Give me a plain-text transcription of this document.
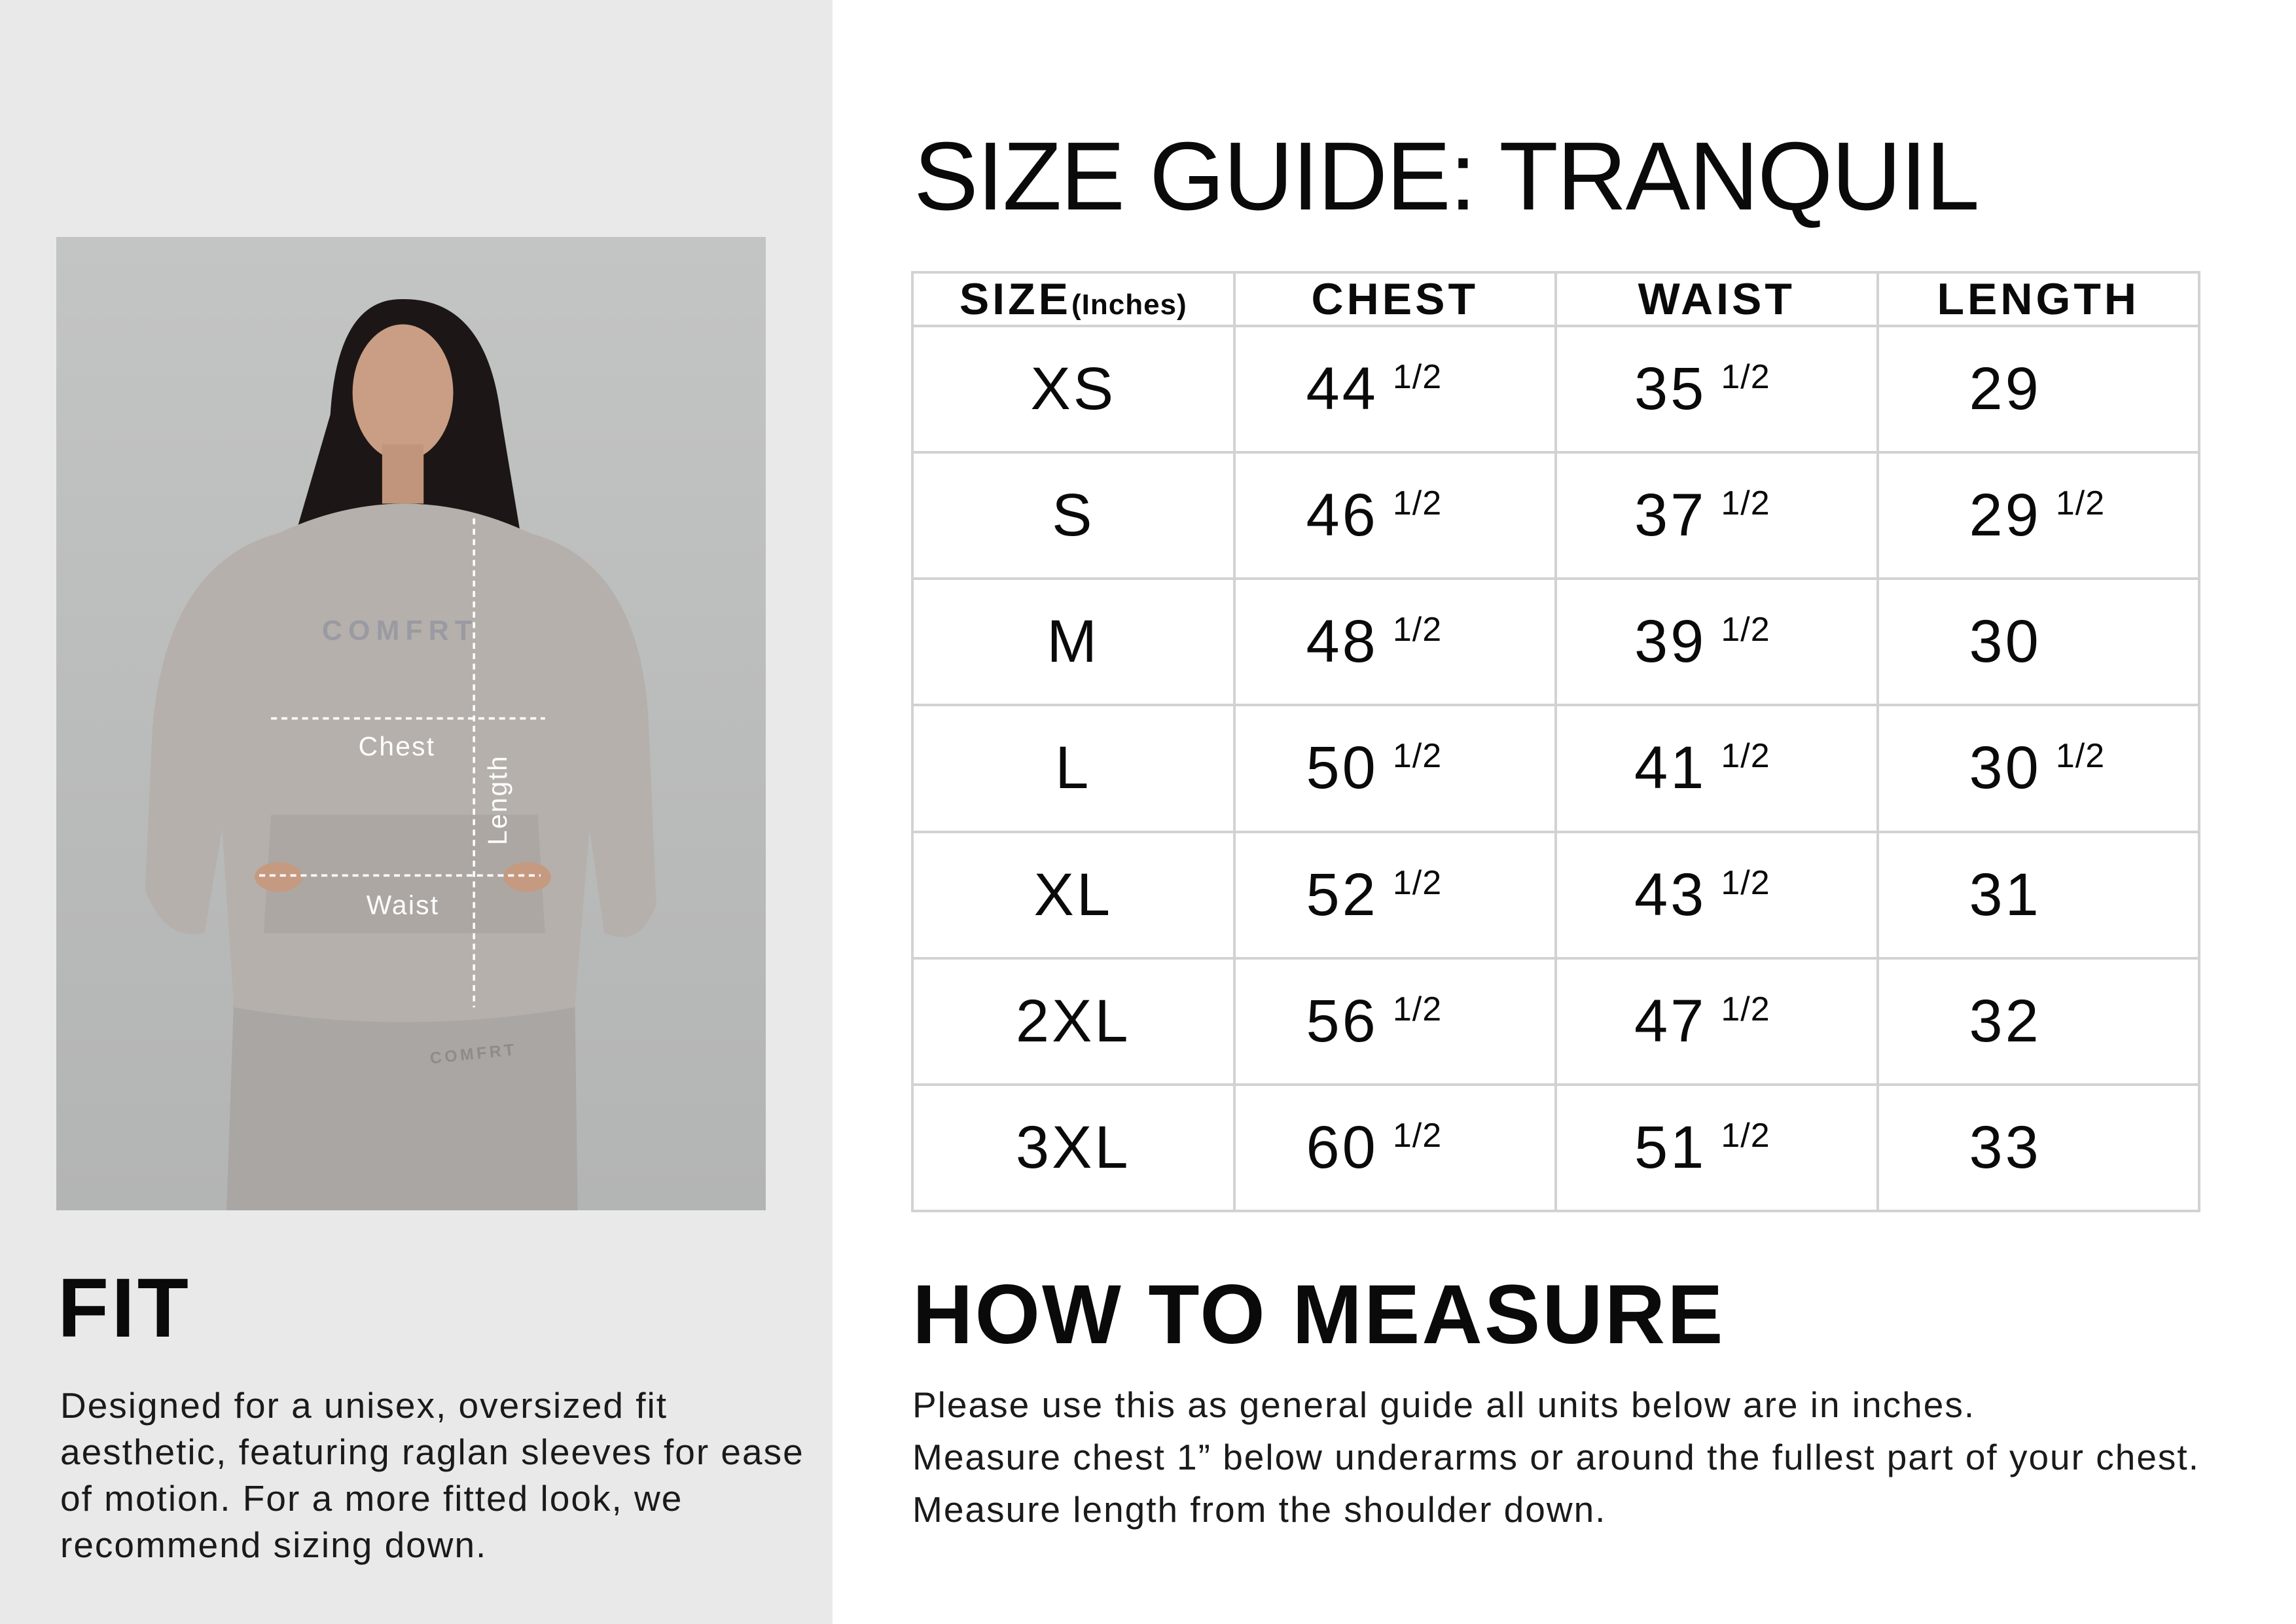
COMFRT
COMFRT
Chest
Waist
Length
FIT
Designed for a unisex, oversized fit aesthetic, featuring raglan sleeves for ease of motion. For a more fitted look, we recommend sizing down.
SIZE GUIDE: TRANQUIL
SIZE(Inches)	CHEST	WAIST	LENGTH
XS	44 $^{1/2}$	35 $^{1/2}$	29
S	46 $^{1/2}$	37 $^{1/2}$	29 $^{1/2}$
M	48 $^{1/2}$	39 $^{1/2}$	30
L	50 $^{1/2}$	41 $^{1/2}$	30 $^{1/2}$
XL	52 $^{1/2}$	43 $^{1/2}$	31
2XL	56 $^{1/2}$	47 $^{1/2}$	32
3XL	60 $^{1/2}$	51 $^{1/2}$	33
HOW TO MEASURE

Please use this as general guide all units below are in inches.

Measure chest 1” below underarms or around the fullest part of your chest.

Measure length from the shoulder down.
